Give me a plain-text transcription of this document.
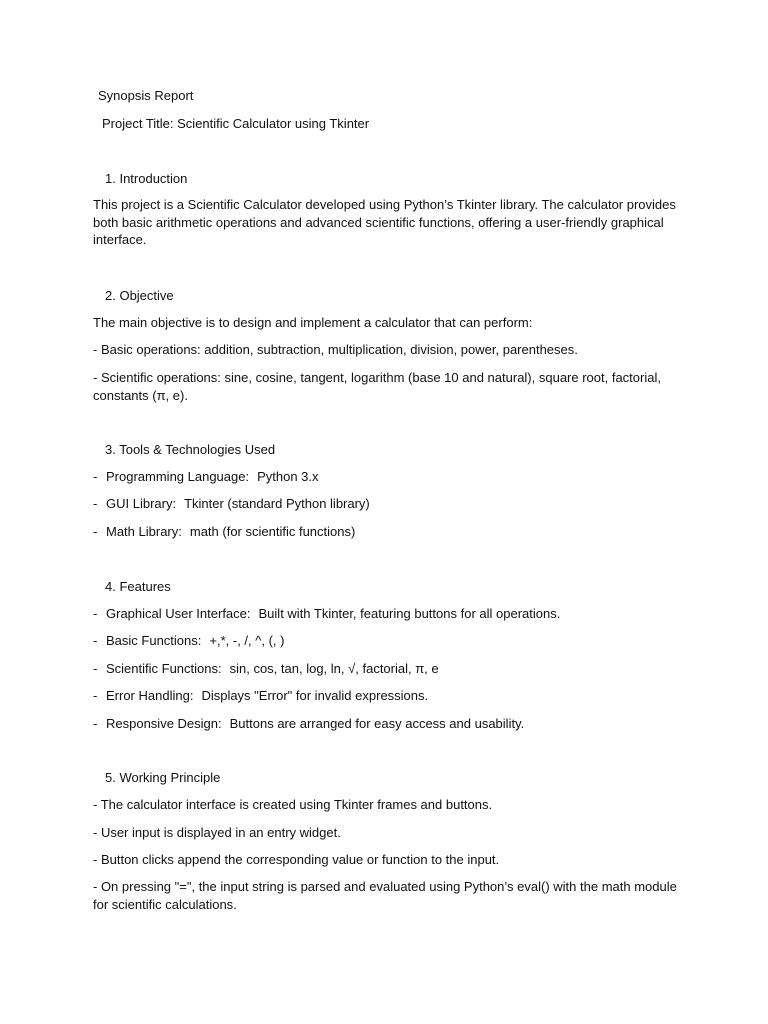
Synopsis Report
Project Title: Scientific Calculator using Tkinter
1. Introduction
This project is a Scientific Calculator developed using Python’s Tkinter library. The calculator provides both basic arithmetic operations and advanced scientific functions, offering a user-friendly graphical interface.
2. Objective
The main objective is to design and implement a calculator that can perform:
- Basic operations: addition, subtraction, multiplication, division, power, parentheses.
- Scientific operations: sine, cosine, tangent, logarithm (base 10 and natural), square root, factorial, constants (π, e).
3. Tools & Technologies Used
- Programming Language: Python 3.x
- GUI Library: Tkinter (standard Python library)
- Math Library: math (for scientific functions)
4. Features
- Graphical User Interface: Built with Tkinter, featuring buttons for all operations.
- Basic Functions: +,*, -, /, ^, (, )
- Scientific Functions: sin, cos, tan, log, ln, √, factorial, π, e
- Error Handling: Displays "Error" for invalid expressions.
- Responsive Design: Buttons are arranged for easy access and usability.
5. Working Principle
- The calculator interface is created using Tkinter frames and buttons.
- User input is displayed in an entry widget.
- Button clicks append the corresponding value or function to the input.
- On pressing "=", the input string is parsed and evaluated using Python’s eval() with the math module for scientific calculations.
